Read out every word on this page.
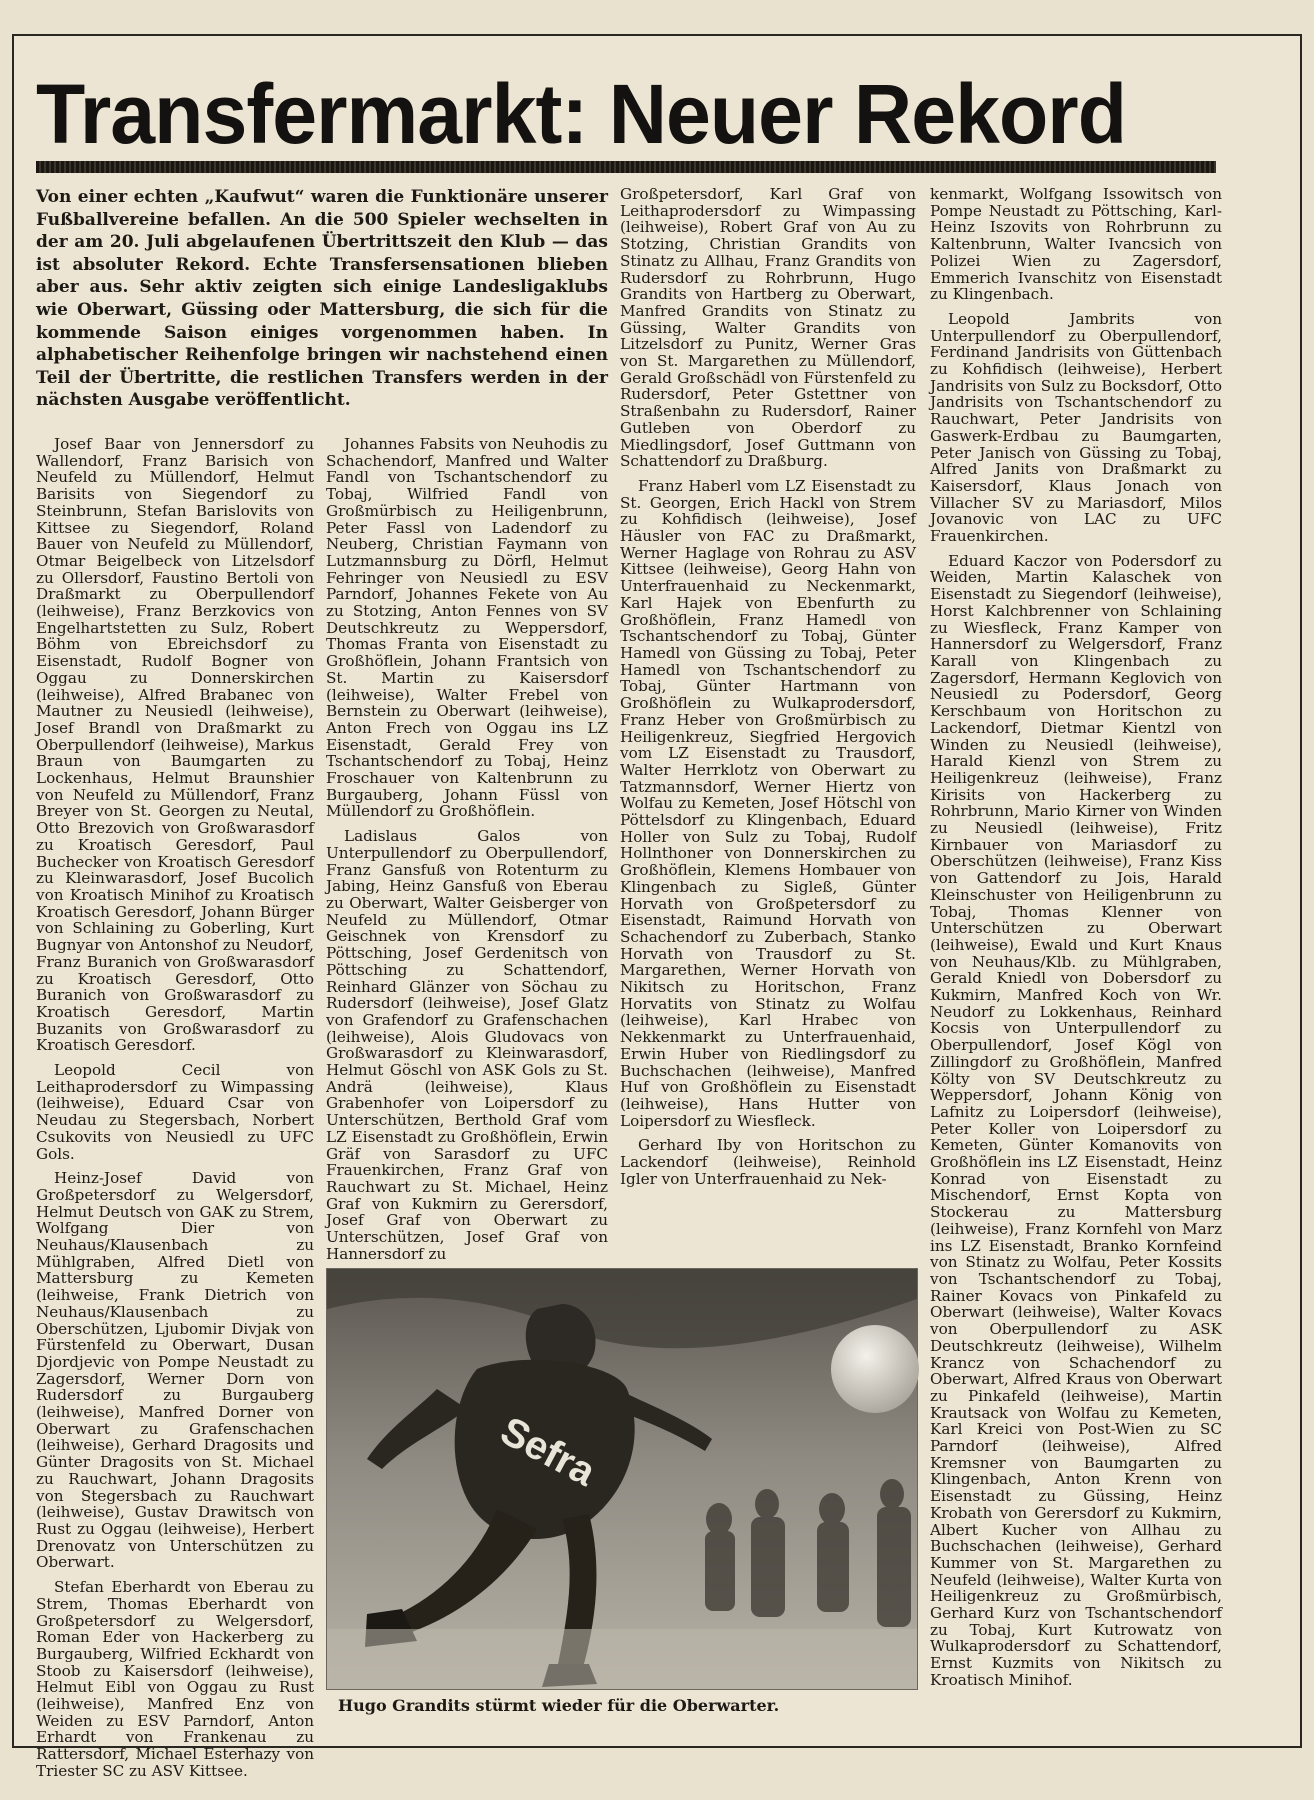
Transfermarkt: Neuer Rekord
Von einer echten „Kaufwut“ waren die Funktionäre unserer Fußballvereine befallen. An die 500 Spieler wechselten in der am 20. Juli abgelaufenen Übertrittszeit den Klub — das ist absoluter Rekord. Echte Transfersensationen blieben aber aus. Sehr aktiv zeigten sich einige Landesligaklubs wie Oberwart, Güssing oder Mattersburg, die sich für die kommende Saison einiges vorgenommen haben. In alphabetischer Reihenfolge bringen wir nachstehend einen Teil der Übertritte, die restlichen Transfers werden in der nächsten Ausgabe veröffentlicht.

Josef Baar von Jennersdorf zu Wallendorf, Franz Barisich von Neufeld zu Müllendorf, Helmut Barisits von Siegendorf zu Steinbrunn, Stefan Barislovits von Kittsee zu Siegendorf, Roland Bauer von Neufeld zu Müllendorf, Otmar Beigelbeck von Litzelsdorf zu Ollersdorf, Faustino Bertoli von Draßmarkt zu Oberpullendorf (leihweise), Franz Berzkovics von Engelhartstetten zu Sulz, Robert Böhm von Ebreichsdorf zu Eisenstadt, Rudolf Bogner von Oggau zu Donnerskirchen (leihweise), Alfred Brabanec von Mautner zu Neusiedl (leihweise), Josef Brandl von Draßmarkt zu Oberpullendorf (leihweise), Markus Braun von Baumgarten zu Lockenhaus, Helmut Braunshier von Neufeld zu Müllendorf, Franz Breyer von St. Georgen zu Neutal, Otto Brezovich von Großwarasdorf zu Kroatisch Geresdorf, Paul Buchecker von Kroatisch Geresdorf zu Kleinwarasdorf, Josef Bucolich von Kroatisch Minihof zu Kroatisch Kroatisch Geresdorf, Johann Bürger von Schlaining zu Goberling, Kurt Bugnyar von Antonshof zu Neudorf, Franz Buranich von Großwarasdorf zu Kroatisch Geresdorf, Otto Buranich von Großwarasdorf zu Kroatisch Geresdorf, Martin Buzanits von Großwarasdorf zu Kroatisch Geresdorf.

Leopold Cecil von Leithaprodersdorf zu Wimpassing (leihweise), Eduard Csar von Neudau zu Stegersbach, Norbert Csukovits von Neusiedl zu UFC Gols.

Heinz-Josef David von Großpetersdorf zu Welgersdorf, Helmut Deutsch von GAK zu Strem, Wolfgang Dier von Neuhaus/Klausenbach zu Mühlgraben, Alfred Dietl von Mattersburg zu Kemeten (leihweise, Frank Dietrich von Neuhaus/Klausenbach zu Oberschützen, Ljubomir Divjak von Fürstenfeld zu Oberwart, Dusan Djordjevic von Pompe Neustadt zu Zagersdorf, Werner Dorn von Rudersdorf zu Burgauberg (leihweise), Manfred Dorner von Oberwart zu Grafenschachen (leihweise), Gerhard Dragosits und Günter Dragosits von St. Michael zu Rauchwart, Johann Dragosits von Stegersbach zu Rauchwart (leihweise), Gustav Drawitsch von Rust zu Oggau (leihweise), Herbert Drenovatz von Unterschützen zu Oberwart.

Stefan Eberhardt von Eberau zu Strem, Thomas Eberhardt von Großpetersdorf zu Welgersdorf, Roman Eder von Hackerberg zu Burgauberg, Wilfried Eckhardt von Stoob zu Kaisersdorf (leihweise), Helmut Eibl von Oggau zu Rust (leihweise), Manfred Enz von Weiden zu ESV Parndorf, Anton Erhardt von Frankenau zu Rattersdorf, Michael Esterhazy von Triester SC zu ASV Kittsee.

Johannes Fabsits von Neuhodis zu Schachendorf, Manfred und Walter Fandl von Tschantschendorf zu Tobaj, Wilfried Fandl von Großmürbisch zu Heiligenbrunn, Peter Fassl von Ladendorf zu Neuberg, Christian Faymann von Lutzmannsburg zu Dörfl, Helmut Fehringer von Neusiedl zu ESV Parndorf, Johannes Fekete von Au zu Stotzing, Anton Fennes von SV Deutschkreutz zu Weppersdorf, Thomas Franta von Eisenstadt zu Großhöflein, Johann Frantsich von St. Martin zu Kaisersdorf (leihweise), Walter Frebel von Bernstein zu Oberwart (leihweise), Anton Frech von Oggau ins LZ Eisenstadt, Gerald Frey von Tschantschendorf zu Tobaj, Heinz Froschauer von Kaltenbrunn zu Burgauberg, Johann Füssl von Müllendorf zu Großhöflein.

Ladislaus Galos von Unterpullendorf zu Oberpullendorf, Franz Gansfuß von Rotenturm zu Jabing, Heinz Gansfuß von Eberau zu Oberwart, Walter Geisberger von Neufeld zu Müllendorf, Otmar Geischnek von Krensdorf zu Pöttsching, Josef Gerdenitsch von Pöttsching zu Schattendorf, Reinhard Glänzer von Söchau zu Rudersdorf (leihweise), Josef Glatz von Grafendorf zu Grafenschachen (leihweise), Alois Gludovacs von Großwarasdorf zu Kleinwarasdorf, Helmut Göschl von ASK Gols zu St. Andrä (leihweise), Klaus Grabenhofer von Loipersdorf zu Unterschützen, Berthold Graf vom LZ Eisenstadt zu Großhöflein, Erwin Gräf von Sarasdorf zu UFC Frauenkirchen, Franz Graf von Rauchwart zu St. Michael, Heinz Graf von Kukmirn zu Gerersdorf, Josef Graf von Oberwart zu Unterschützen, Josef Graf von Hannersdorf zu

Großpetersdorf, Karl Graf von Leithaprodersdorf zu Wimpassing (leihweise), Robert Graf von Au zu Stotzing, Christian Grandits von Stinatz zu Allhau, Franz Grandits von Rudersdorf zu Rohrbrunn, Hugo Grandits von Hartberg zu Oberwart, Manfred Grandits von Stinatz zu Güssing, Walter Grandits von Litzelsdorf zu Punitz, Werner Gras von St. Margarethen zu Müllendorf, Gerald Großschädl von Fürstenfeld zu Rudersdorf, Peter Gstettner von Straßenbahn zu Rudersdorf, Rainer Gutleben von Oberdorf zu Miedlingsdorf, Josef Guttmann von Schattendorf zu Draßburg.

Franz Haberl vom LZ Eisenstadt zu St. Georgen, Erich Hackl von Strem zu Kohfidisch (leihweise), Josef Häusler von FAC zu Draßmarkt, Werner Haglage von Rohrau zu ASV Kittsee (leihweise), Georg Hahn von Unterfrauenhaid zu Neckenmarkt, Karl Hajek von Ebenfurth zu Großhöflein, Franz Hamedl von Tschantschendorf zu Tobaj, Günter Hamedl von Güssing zu Tobaj, Peter Hamedl von Tschantschendorf zu Tobaj, Günter Hartmann von Großhöflein zu Wulkaprodersdorf, Franz Heber von Großmürbisch zu Heiligenkreuz, Siegfried Hergovich vom LZ Eisenstadt zu Trausdorf, Walter Herrklotz von Oberwart zu Tatzmannsdorf, Werner Hiertz von Wolfau zu Kemeten, Josef Hötschl von Pöttelsdorf zu Klingenbach, Eduard Holler von Sulz zu Tobaj, Rudolf Hollnthoner von Donnerskirchen zu Großhöflein, Klemens Hombauer von Klingenbach zu Sigleß, Günter Horvath von Großpetersdorf zu Eisenstadt, Raimund Horvath von Schachendorf zu Zuberbach, Stanko Horvath von Trausdorf zu St. Margarethen, Werner Horvath von Nikitsch zu Horitschon, Franz Horvatits von Stinatz zu Wolfau (leihweise), Karl Hrabec von Nekkenmarkt zu Unterfrauenhaid, Erwin Huber von Riedlingsdorf zu Buchschachen (leihweise), Manfred Huf von Großhöflein zu Eisenstadt (leihweise), Hans Hutter von Loipersdorf zu Wiesfleck.

Gerhard Iby von Horitschon zu Lackendorf (leihweise), Reinhold Igler von Unterfrauenhaid zu Nek-

kenmarkt, Wolfgang Issowitsch von Pompe Neustadt zu Pöttsching, Karl-Heinz Iszovits von Rohrbrunn zu Kaltenbrunn, Walter Ivancsich von Polizei Wien zu Zagersdorf, Emmerich Ivanschitz von Eisenstadt zu Klingenbach.

Leopold Jambrits von Unterpullendorf zu Oberpullendorf, Ferdinand Jandrisits von Güttenbach zu Kohfidisch (leihweise), Herbert Jandrisits von Sulz zu Bocksdorf, Otto Jandrisits von Tschantschendorf zu Rauchwart, Peter Jandrisits von Gaswerk-Erdbau zu Baumgarten, Peter Janisch von Güssing zu Tobaj, Alfred Janits von Draßmarkt zu Kaisersdorf, Klaus Jonach von Villacher SV zu Mariasdorf, Milos Jovanovic von LAC zu UFC Frauenkirchen.

Eduard Kaczor von Podersdorf zu Weiden, Martin Kalaschek von Eisenstadt zu Siegendorf (leihweise), Horst Kalchbrenner von Schlaining zu Wiesfleck, Franz Kamper von Hannersdorf zu Welgersdorf, Franz Karall von Klingenbach zu Zagersdorf, Hermann Keglovich von Neusiedl zu Podersdorf, Georg Kerschbaum von Horitschon zu Lackendorf, Dietmar Kientzl von Winden zu Neusiedl (leihweise), Harald Kienzl von Strem zu Heiligenkreuz (leihweise), Franz Kirisits von Hackerberg zu Rohrbrunn, Mario Kirner von Winden zu Neusiedl (leihweise), Fritz Kirnbauer von Mariasdorf zu Oberschützen (leihweise), Franz Kiss von Gattendorf zu Jois, Harald Kleinschuster von Heiligenbrunn zu Tobaj, Thomas Klenner von Unterschützen zu Oberwart (leihweise), Ewald und Kurt Knaus von Neuhaus/Klb. zu Mühlgraben, Gerald Kniedl von Dobersdorf zu Kukmirn, Manfred Koch von Wr. Neudorf zu Lokkenhaus, Reinhard Kocsis von Unterpullendorf zu Oberpullendorf, Josef Kögl von Zillingdorf zu Großhöflein, Manfred Költy von SV Deutschkreutz zu Weppersdorf, Johann König von Lafnitz zu Loipersdorf (leihweise), Peter Koller von Loipersdorf zu Kemeten, Günter Komanovits von Großhöflein ins LZ Eisenstadt, Heinz Konrad von Eisenstadt zu Mischendorf, Ernst Kopta von Stockerau zu Mattersburg (leihweise), Franz Kornfehl von Marz ins LZ Eisenstadt, Branko Kornfeind von Stinatz zu Wolfau, Peter Kossits von Tschantschendorf zu Tobaj, Rainer Kovacs von Pinkafeld zu Oberwart (leihweise), Walter Kovacs von Oberpullendorf zu ASK Deutschkreutz (leihweise), Wilhelm Krancz von Schachendorf zu Oberwart, Alfred Kraus von Oberwart zu Pinkafeld (leihweise), Martin Krautsack von Wolfau zu Kemeten, Karl Kreici von Post-Wien zu SC Parndorf (leihweise), Alfred Kremsner von Baumgarten zu Klingenbach, Anton Krenn von Eisenstadt zu Güssing, Heinz Krobath von Gerersdorf zu Kukmirn, Albert Kucher von Allhau zu Buchschachen (leihweise), Gerhard Kummer von St. Margarethen zu Neufeld (leihweise), Walter Kurta von Heiligenkreuz zu Großmürbisch, Gerhard Kurz von Tschantschendorf zu Tobaj, Kurt Kutrowatz von Wulkaprodersdorf zu Schattendorf, Ernst Kuzmits von Nikitsch zu Kroatisch Minihof.

Sefra
Hugo Grandits stürmt wieder für die Oberwarter.
